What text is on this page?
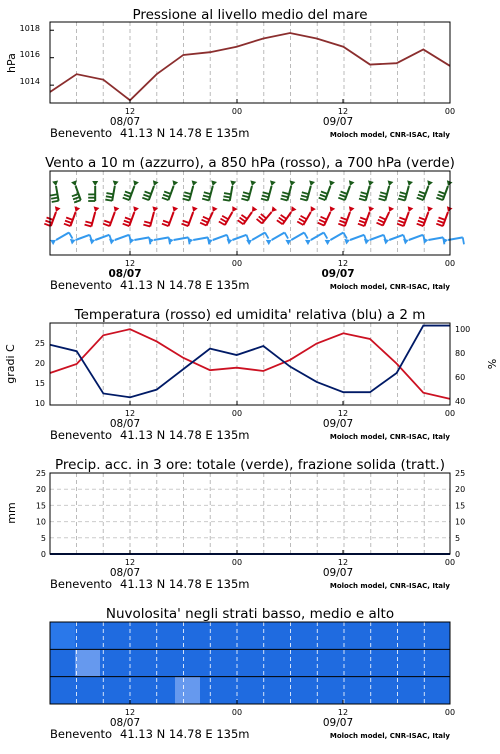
Pressione al livello medio del mare
hPa
1018
1016
1014
Vento a 10 m (azzurro), a 850 hPa (rosso), a 700 hPa (verde)
Temperatura (rosso) ed umidita' relativa (blu) a 2 m
gradi C	%
10
15
20
25
40
60
80
100
Precip. acc. in 3 ore: totale (verde), frazione solida (tratt.)
mm
0	0
5	5
10	10
15	15
20	20
25	25
Nuvolosita' negli strati basso, medio e alto
12	00	12	00
08/07	09/07
Benevento 41.13 N 14.78 E 135m	Moloch model, CNR-ISAC, Italy
12	00	12	00
08/07	09/07
Benevento 41.13 N 14.78 E 135m	Moloch model, CNR-ISAC, Italy
12	00	12	00
08/07	09/07
Benevento 41.13 N 14.78 E 135m	Moloch model, CNR-ISAC, Italy
12	00	12	00
08/07	09/07
Benevento 41.13 N 14.78 E 135m	Moloch model, CNR-ISAC, Italy
12	00	12	00
08/07	09/07
Benevento 41.13 N 14.78 E 135m	Moloch model, CNR-ISAC, Italy
